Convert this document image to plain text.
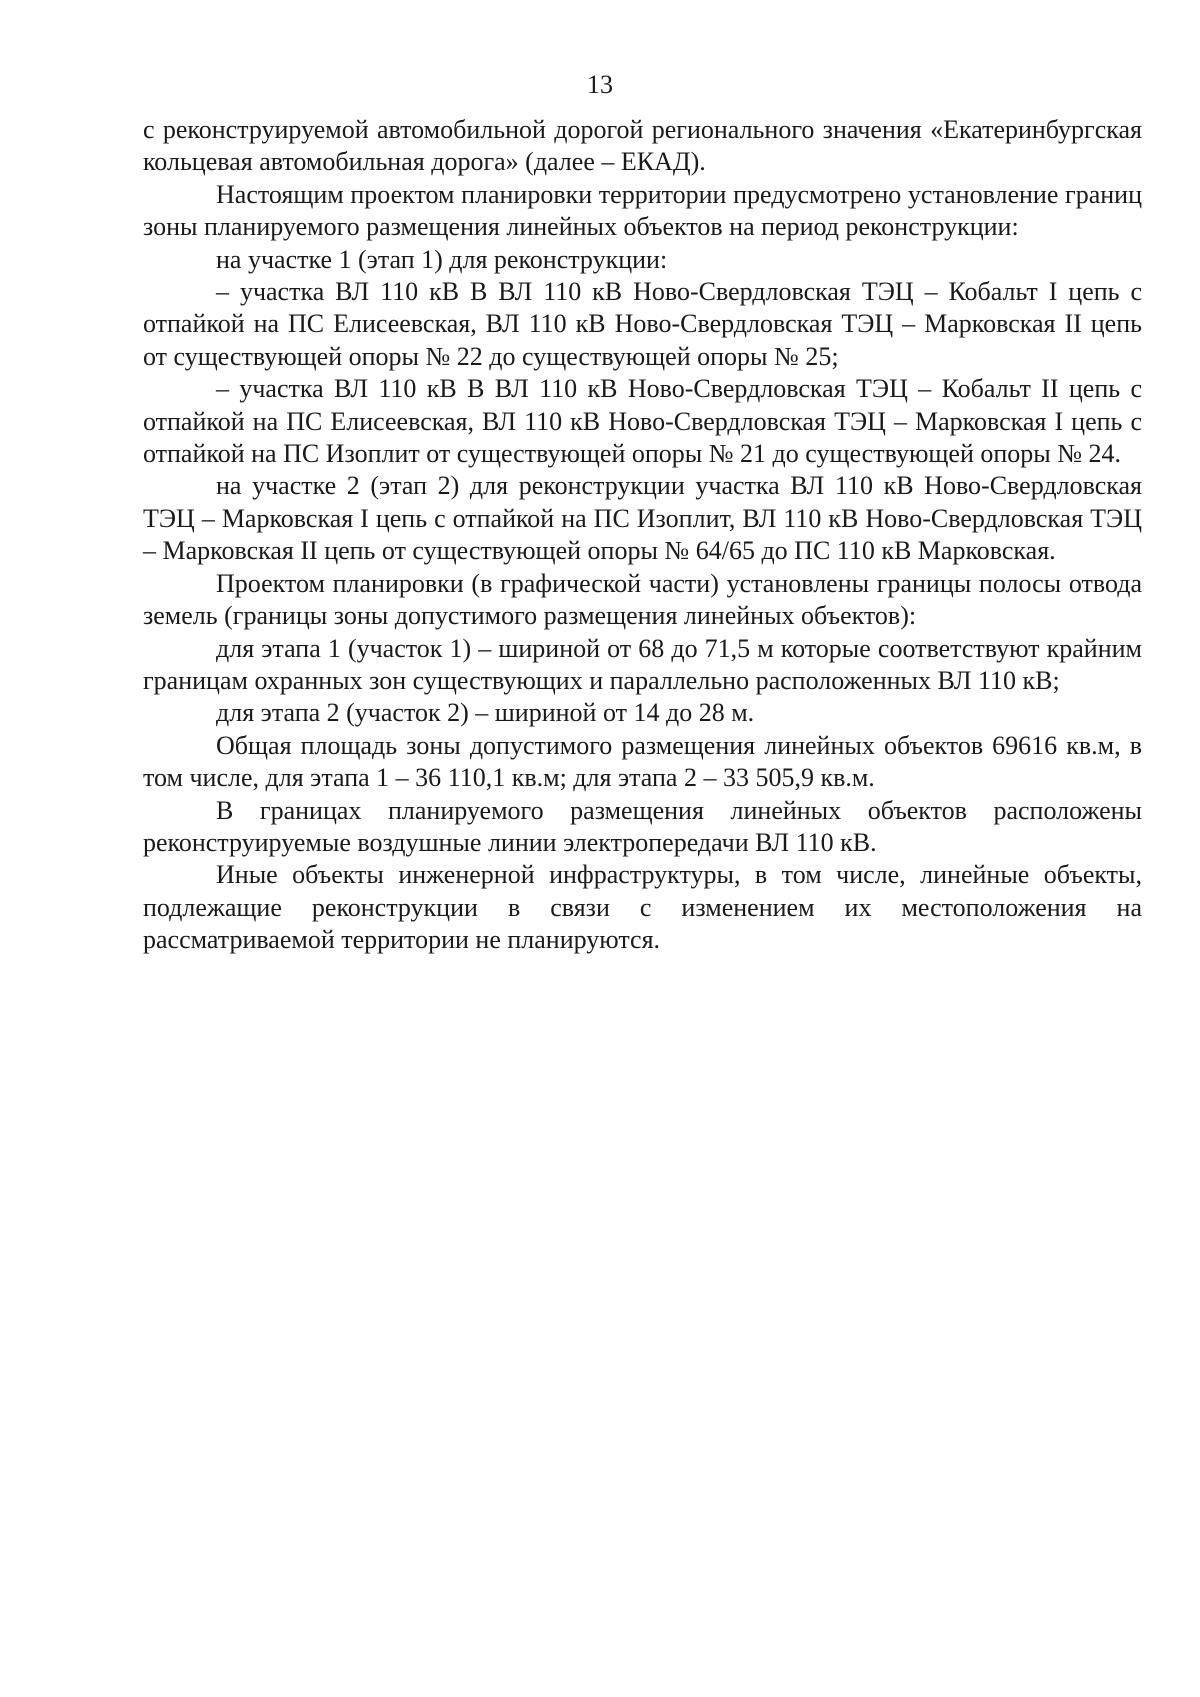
13

с реконструируемой автомобильной дорогой регионального значения «Екатеринбургская кольцевая автомобильная дорога» (далее – ЕКАД).

Настоящим проектом планировки территории предусмотрено установление границ зоны планируемого размещения линейных объектов на период реконструкции:

на участке 1 (этап 1) для реконструкции:

– участка ВЛ 110 кВ В ВЛ 110 кВ Ново-Свердловская ТЭЦ – Кобальт I цепь с отпайкой на ПС Елисеевская, ВЛ 110 кВ Ново-Свердловская ТЭЦ – Марковская II цепь от существующей опоры № 22 до существующей опоры № 25;

– участка ВЛ 110 кВ В ВЛ 110 кВ Ново-Свердловская ТЭЦ – Кобальт II цепь с отпайкой на ПС Елисеевская, ВЛ 110 кВ Ново-Свердловская ТЭЦ – Марковская I цепь с отпайкой на ПС Изоплит от существующей опоры № 21 до существующей опоры № 24.

на участке 2 (этап 2) для реконструкции участка ВЛ 110 кВ Ново-Свердловская ТЭЦ – Марковская I цепь с отпайкой на ПС Изоплит, ВЛ 110 кВ Ново-Свердловская ТЭЦ – Марковская II цепь от существующей опоры № 64/65 до ПС 110 кВ Марковская.

Проектом планировки (в графической части) установлены границы полосы отвода земель (границы зоны допустимого размещения линейных объектов):

для этапа 1 (участок 1) – шириной от 68 до 71,5 м которые соответствуют крайним границам охранных зон существующих и параллельно расположенных ВЛ 110 кВ;

для этапа 2 (участок 2) – шириной от 14 до 28 м.

Общая площадь зоны допустимого размещения линейных объектов 69616 кв.м, в том числе, для этапа 1 – 36 110,1 кв.м; для этапа 2 – 33 505,9 кв.м.

В границах планируемого размещения линейных объектов расположены реконструируемые воздушные линии электропередачи ВЛ 110 кВ.

Иные объекты инженерной инфраструктуры, в том числе, линейные объекты, подлежащие реконструкции в связи с изменением их местоположения на рассматриваемой территории не планируются.
